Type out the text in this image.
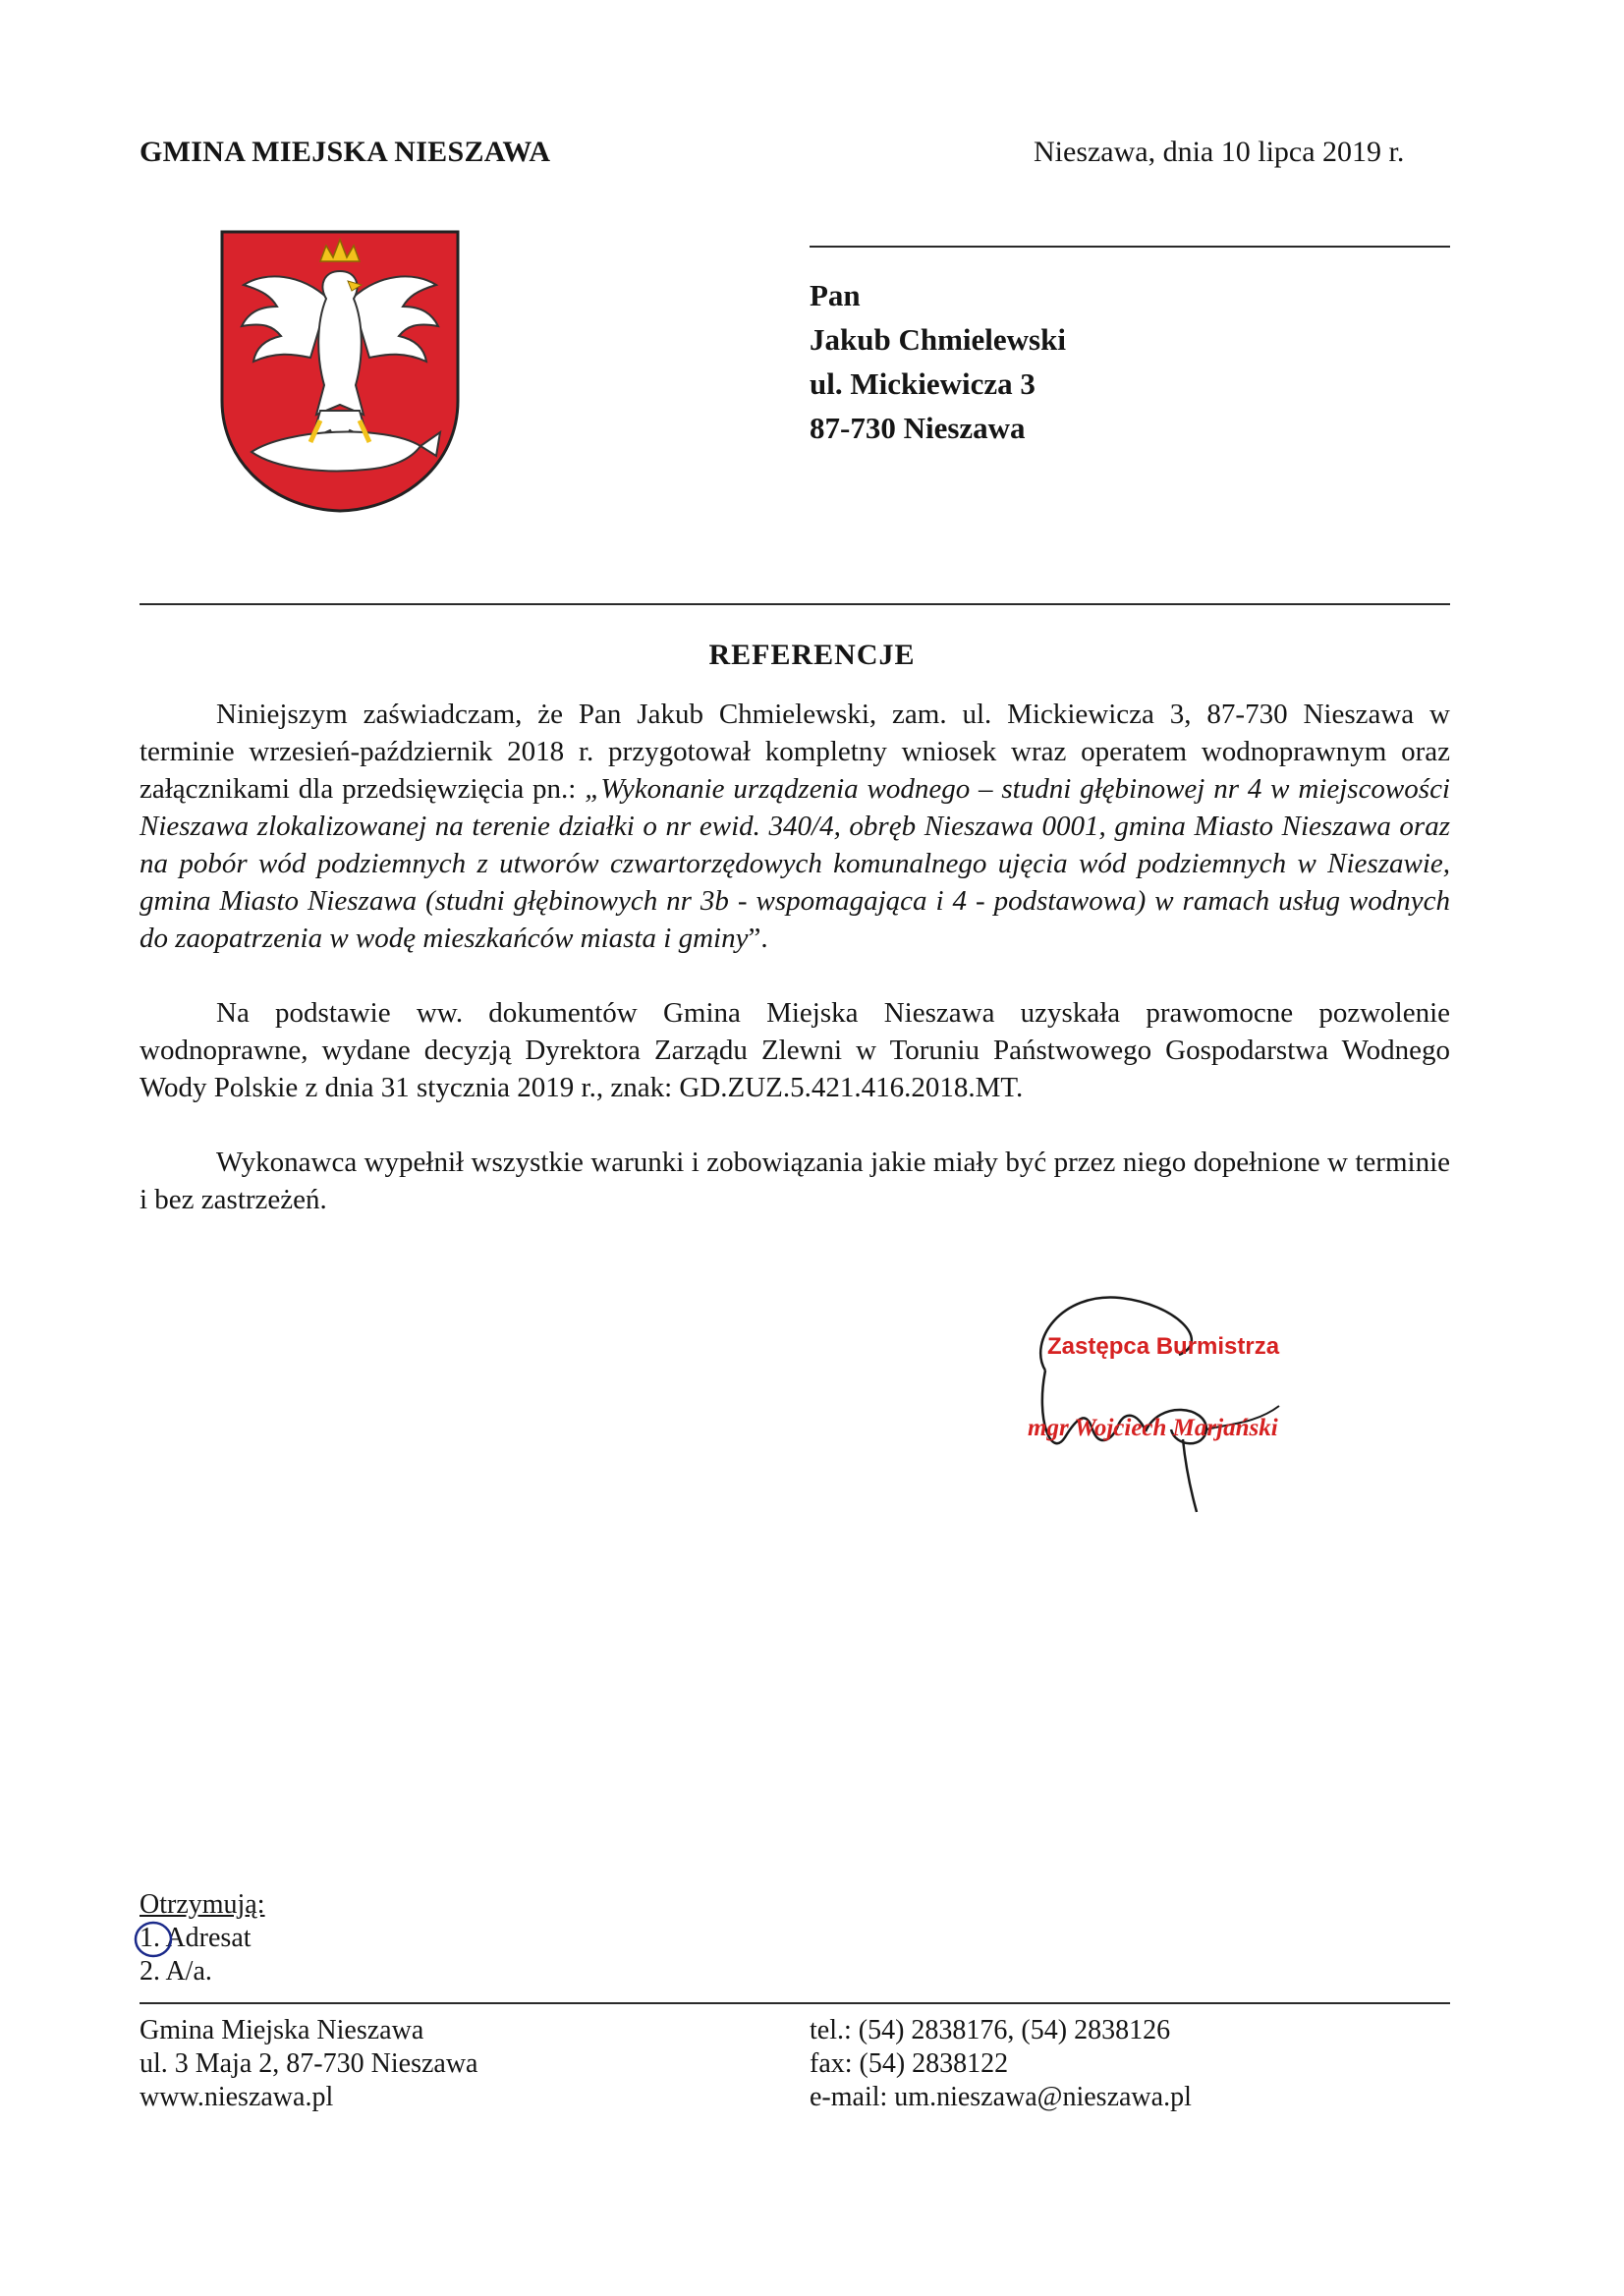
GMINA MIEJSKA NIESZAWA	Nieszawa, dnia 10 lipca 2019 r.
Pan
Jakub Chmielewski
ul. Mickiewicza 3
87-730 Nieszawa
REFERENCJE

Niniejszym zaświadczam, że Pan Jakub Chmielewski, zam. ul. Mickiewicza 3, 87-730 Nieszawa w terminie wrzesień-październik 2018 r. przygotował kompletny wniosek wraz operatem wodnoprawnym oraz załącznikami dla przedsięwzięcia pn.: „Wykonanie urządzenia wodnego – studni głębinowej nr 4 w miejscowości Nieszawa zlokalizowanej na terenie działki o nr ewid. 340/4, obręb Nieszawa 0001, gmina Miasto Nieszawa oraz na pobór wód podziemnych z utworów czwartorzędowych komunalnego ujęcia wód podziemnych w Nieszawie, gmina Miasto Nieszawa (studni głębinowych nr 3b - wspomagająca i 4 - podstawowa) w ramach usług wodnych do zaopatrzenia w wodę mieszkańców miasta i gminy”.

Na podstawie ww. dokumentów Gmina Miejska Nieszawa uzyskała prawomocne pozwolenie wodnoprawne, wydane decyzją Dyrektora Zarządu Zlewni w Toruniu Państwowego Gospodarstwa Wodnego Wody Polskie z dnia 31 stycznia 2019 r., znak: GD.ZUZ.5.421.416.2018.MT.

Wykonawca wypełnił wszystkie warunki i zobowiązania jakie miały być przez niego dopełnione w terminie i bez zastrzeżeń.

Zastępca Burmistrza
mgr Wojciech Marjański
Otrzymują:
1. Adresat
2. A/a.
Gmina Miejska Nieszawa
ul. 3 Maja 2, 87-730 Nieszawa
www.nieszawa.pl
tel.: (54) 2838176, (54) 2838126
fax: (54) 2838122
e-mail: um.nieszawa@nieszawa.pl
